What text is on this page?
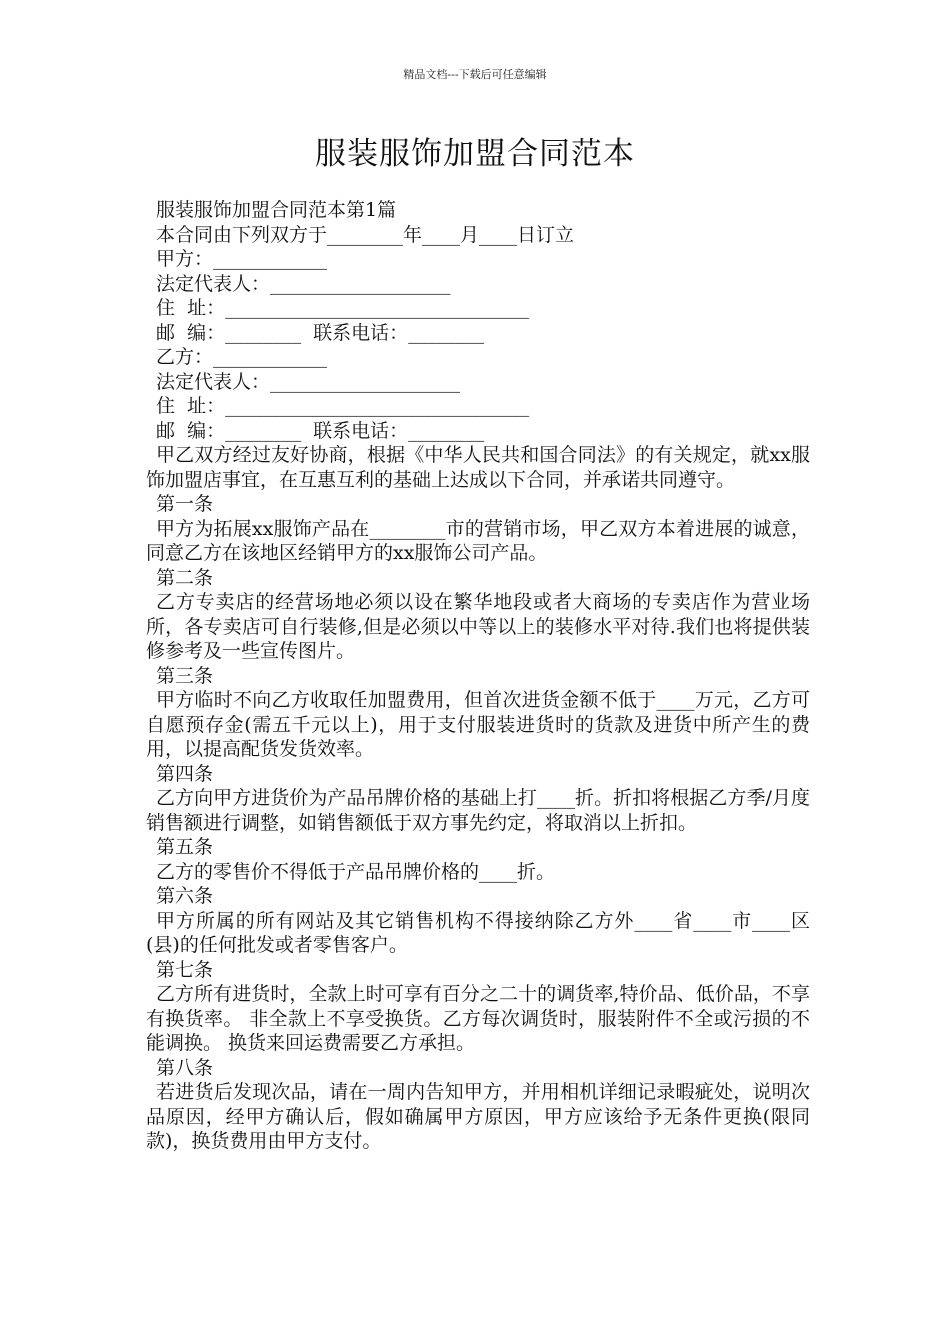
精品文档---下载后可任意编辑
服装服饰加盟合同范本
服装服饰加盟合同范本第1篇
本合同由下列双方于________年____月____日订立
甲方：____________
法定代表人：___________________
住  址：________________________________
邮  编：________  联系电话：________
乙方：____________
法定代表人：____________________
住  址：________________________________
邮  编：________  联系电话：________
甲乙双方经过友好协商，根据《中华人民共和国合同法》的有关规定，就xx服饰加盟店事宜，在互惠互利的基础上达成以下合同，并承诺共同遵守。
第一条
甲方为拓展xx服饰产品在________市的营销市场，甲乙双方本着进展的诚意，同意乙方在该地区经销甲方的xx服饰公司产品。
第二条
乙方专卖店的经营场地必须以设在繁华地段或者大商场的专卖店作为营业场所，各专卖店可自行装修,但是必须以中等以上的装修水平对待.我们也将提供装修参考及一些宣传图片。
第三条
甲方临时不向乙方收取任加盟费用，但首次进货金额不低于____万元，乙方可自愿预存金(需五千元以上)，用于支付服装进货时的货款及进货中所产生的费用，以提高配货发货效率。
第四条
乙方向甲方进货价为产品吊牌价格的基础上打____折。折扣将根据乙方季/月度销售额进行调整，如销售额低于双方事先约定，将取消以上折扣。
第五条
乙方的零售价不得低于产品吊牌价格的____折。
第六条
甲方所属的所有网站及其它销售机构不得接纳除乙方外____省____市____区(县)的任何批发或者零售客户。
第七条
乙方所有进货时，全款上时可享有百分之二十的调货率,特价品、低价品，不享有换货率。 非全款上不享受换货。乙方每次调货时，服装附件不全或污损的不能调换。 换货来回运费需要乙方承担。
第八条
若进货后发现次品，请在一周内告知甲方，并用相机详细记录暇疵处，说明次品原因，经甲方确认后，假如确属甲方原因，甲方应该给予无条件更换(限同款)，换货费用由甲方支付。
